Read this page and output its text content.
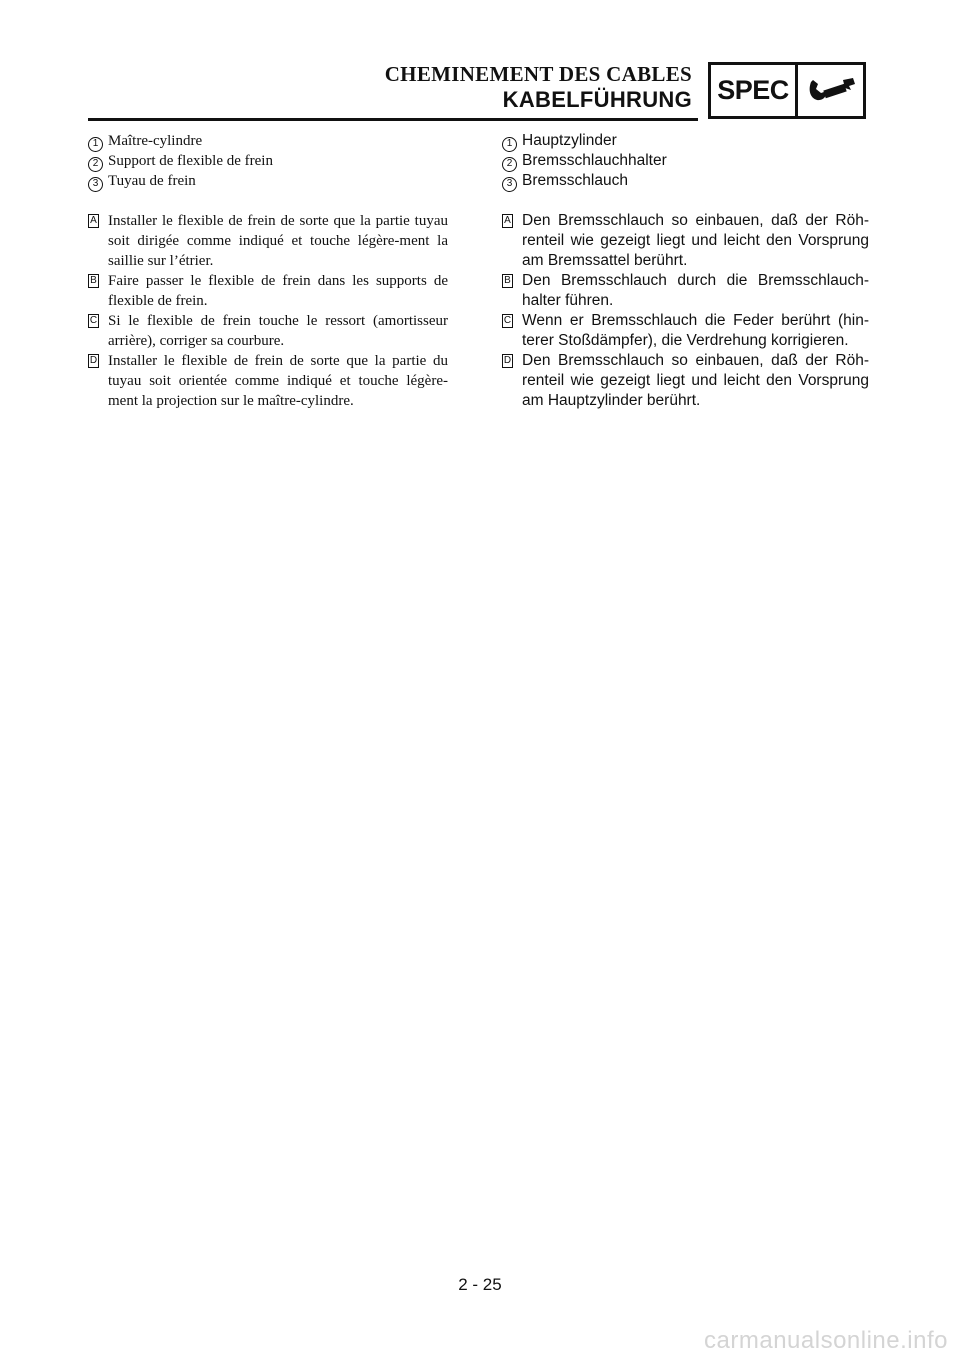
CHEMINEMENT DES CABLES
KABELFÜHRUNG SPEC
1 Maître-cylindre
2 Support de flexible de frein
3 Tuyau de frein
A Installer le flexible de frein de sorte que la partie tuyau soit dirigée comme indiqué et touche légère-ment la saillie sur l’étrier.
B Faire passer le flexible de frein dans les supports de flexible de frein.
C Si le flexible de frein touche le ressort (amortisseur arrière), corriger sa courbure.
D Installer le flexible de frein de sorte que la partie du tuyau soit orientée comme indiqué et touche légère-ment la projection sur le maître-cylindre.
1 Hauptzylinder
2 Bremsschlauchhalter
3 Bremsschlauch
A Den Bremsschlauch so einbauen, daß der Röh-renteil wie gezeigt liegt und leicht den Vorsprung am Bremssattel berührt.
B Den Bremsschlauch durch die Bremsschlauch-halter führen.
C Wenn er Bremsschlauch die Feder berührt (hin-terer Stoßdämpfer), die Verdrehung korrigieren.
D Den Bremsschlauch so einbauen, daß der Röh-renteil wie gezeigt liegt und leicht den Vorsprung am Hauptzylinder berührt.
2 - 25
carmanualsonline.info
